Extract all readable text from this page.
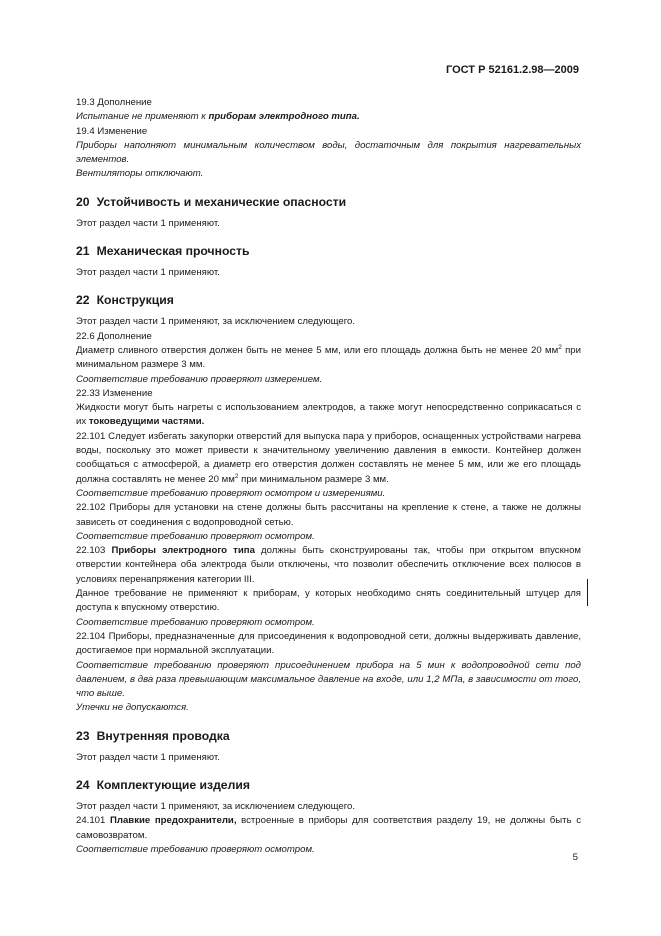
ГОСТ Р 52161.2.98—2009

19.3 Дополнение

Испытание не применяют к приборам электродного типа.

19.4 Изменение

Приборы наполняют минимальным количеством воды, достаточным для покрытия нагревательных элементов.

Вентиляторы отключают.

20 Устойчивость и механические опасности

Этот раздел части 1 применяют.

21 Механическая прочность

Этот раздел части 1 применяют.

22 Конструкция

Этот раздел части 1 применяют, за исключением следующего.

22.6 Дополнение

Диаметр сливного отверстия должен быть не менее 5 мм, или его площадь должна быть не менее 20 $мм^2$ при минимальном размере 3 мм.

Соответствие требованию проверяют измерением.

22.33 Изменение

Жидкости могут быть нагреты с использованием электродов, а также могут непосредственно соприкасаться с их токоведущими частями.

22.101 Следует избегать закупорки отверстий для выпуска пара у приборов, оснащенных устройствами нагрева воды, поскольку это может привести к значительному увеличению давления в емкости. Контейнер должен сообщаться с атмосферой, а диаметр его отверстия должен составлять не менее 5 мм, или же его площадь должна составлять не менее 20 $мм^2$ при минимальном размере 3 мм.

Соответствие требованию проверяют осмотром и измерениями.

22.102 Приборы для установки на стене должны быть рассчитаны на крепление к стене, а также не должны зависеть от соединения с водопроводной сетью.

Соответствие требованию проверяют осмотром.

22.103 Приборы электродного типа должны быть сконструированы так, чтобы при открытом впускном отверстии контейнера оба электрода были отключены, что позволит обеспечить отключение всех полюсов в условиях перенапряжения категории III.

Данное требование не применяют к приборам, у которых необходимо снять соединительный штуцер для доступа к впускному отверстию.

Соответствие требованию проверяют осмотром.

22.104 Приборы, предназначенные для присоединения к водопроводной сети, должны выдерживать давление, достигаемое при нормальной эксплуатации.

Соответствие требованию проверяют присоединением прибора на 5 мин к водопроводной сети под давлением, в два раза превышающим максимальное давление на входе, или 1,2 МПа, в зависимости от того, что выше.

Утечки не допускаются.

23 Внутренняя проводка

Этот раздел части 1 применяют.

24 Комплектующие изделия

Этот раздел части 1 применяют, за исключением следующего.

24.101 Плавкие предохранители, встроенные в приборы для соответствия разделу 19, не должны быть с самовозвратом.

Соответствие требованию проверяют осмотром.

5
